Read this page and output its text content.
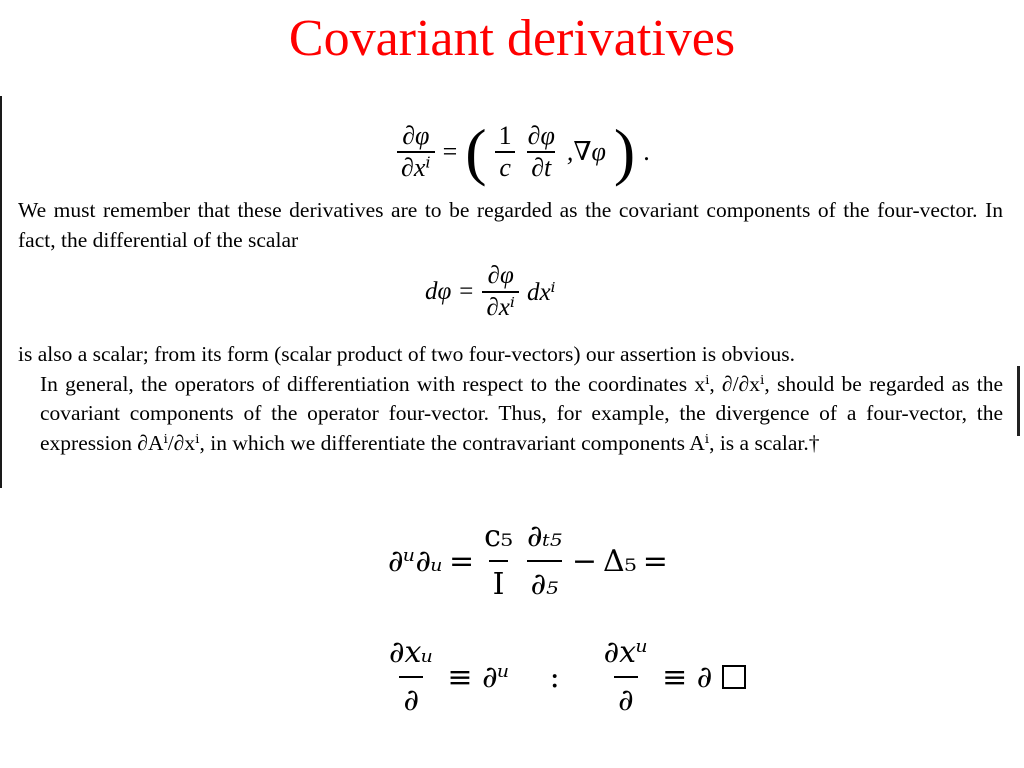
Covariant derivatives
$\frac{\partial\varphi}{\text{∂xⁱ}}$ = ( $\frac{1}{c} \frac{\partial\varphi}{\partial t} ,\nabla\varphi$ ) .
We must remember that these derivatives are to be regarded as the covariant components of the four-vector. In fact, the differential of the scalar
$d\varphi = \frac{\partial\varphi}{\text{∂xⁱ}}$ dxⁱ
is also a scalar; from its form (scalar product of two four-vectors) our assertion is obvious.
In general, the operators of differentiation with respect to the coordinates xⁱ, ∂/∂xⁱ, should be regarded as the covariant components of the operator four-vector. Thus, for example, the divergence of a four-vector, the expression ∂Aⁱ/∂xⁱ, in which we differentiate the contravariant components Aⁱ, is a scalar.†
∂ᵘ∂ᵤ = $\frac{\text{c₅}}{I} \partial_{t5}$
∂₅
− Δ₅ =
∂xᵤ
∂
≡ ∂ᵘ	:
∂xᵘ
∂
≡ ∂
